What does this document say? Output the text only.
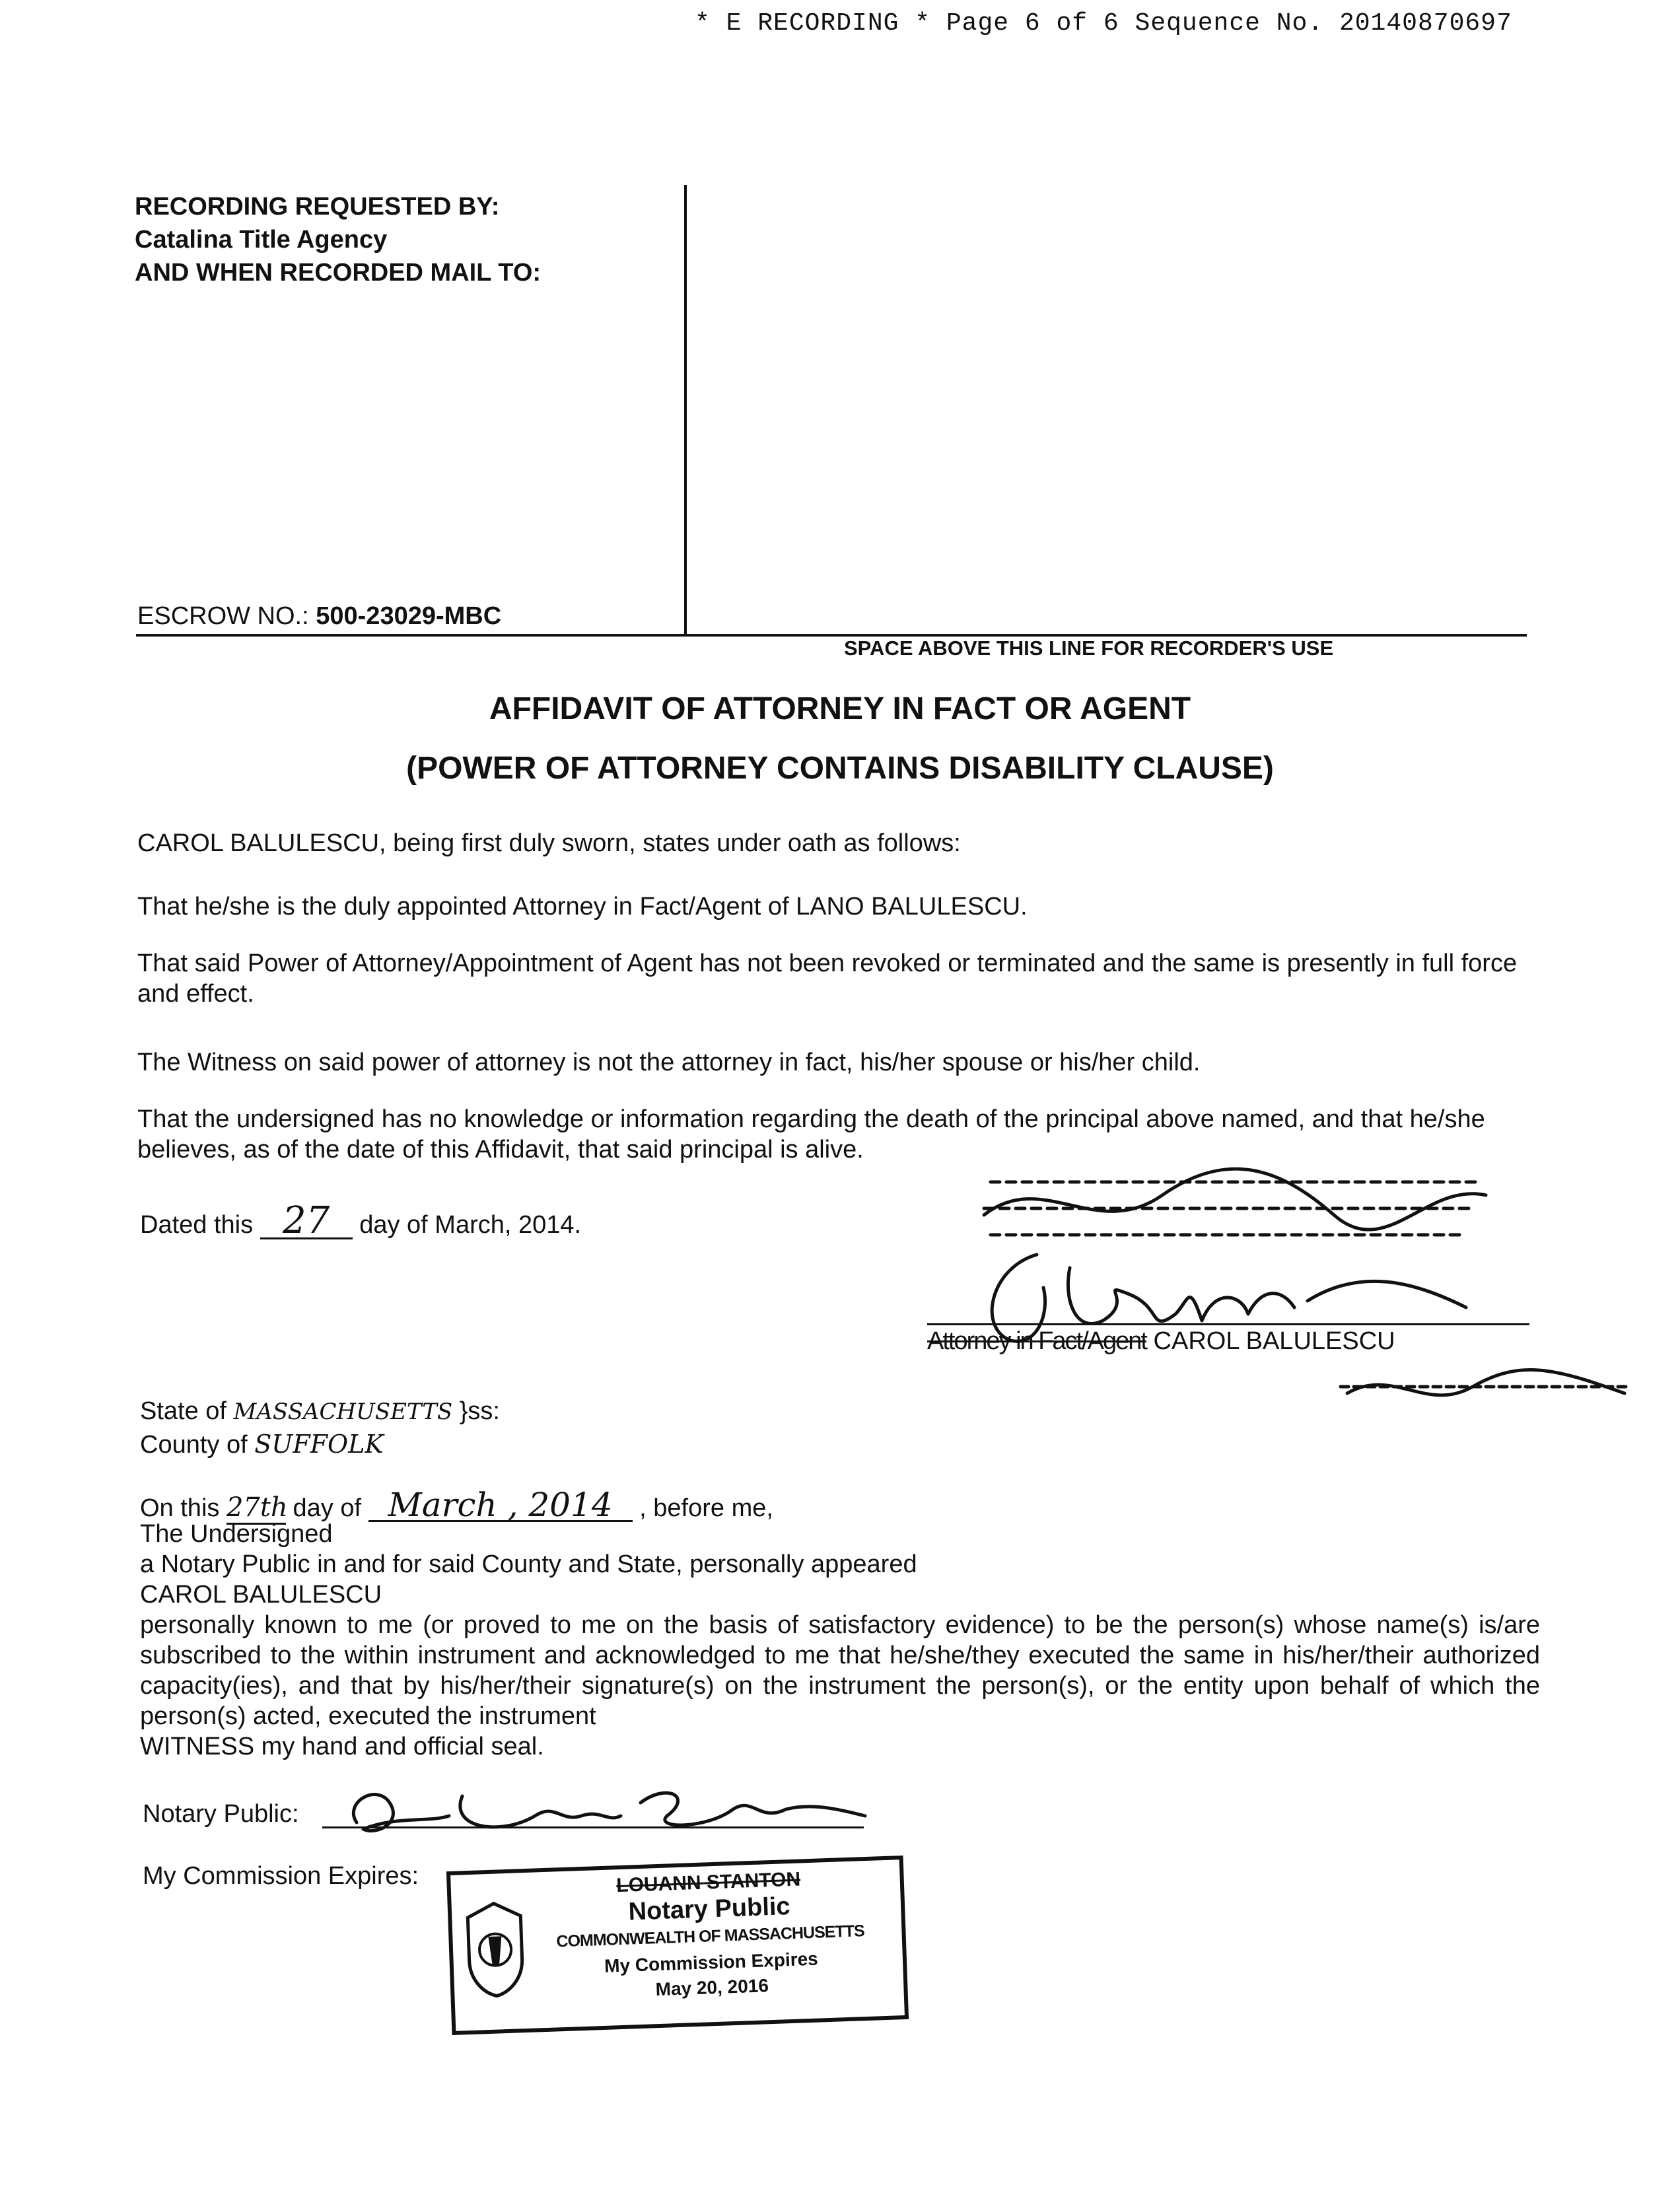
* E RECORDING * Page 6 of 6 Sequence No. 20140870697
RECORDING REQUESTED BY:
Catalina Title Agency
AND WHEN RECORDED MAIL TO:
ESCROW NO.: 500-23029-MBC
SPACE ABOVE THIS LINE FOR RECORDER'S USE
AFFIDAVIT OF ATTORNEY IN FACT OR AGENT
(POWER OF ATTORNEY CONTAINS DISABILITY CLAUSE)
CAROL BALULESCU, being first duly sworn, states under oath as follows:
That he/she is the duly appointed Attorney in Fact/Agent of LANO BALULESCU.
That said Power of Attorney/Appointment of Agent has not been revoked or terminated and the same is presently in full force and effect.
The Witness on said power of attorney is not the attorney in fact, his/her spouse or his/her child.
That the undersigned has no knowledge or information regarding the death of the principal above named, and that he/she believes, as of the date of this Affidavit, that said principal is alive.
Dated this 27 day of March, 2014.
Attorney in Fact/Agent CAROL BALULESCU
State of MASSACHUSETTS }ss:
County of SUFFOLK
On this 27th day of March , 2014 , before me,
The Undersigned
a Notary Public in and for said County and State, personally appeared
CAROL BALULESCU
personally known to me (or proved to me on the basis of satisfactory evidence) to be the person(s) whose name(s) is/are subscribed to the within instrument and acknowledged to me that he/she/they executed the same in his/her/their authorized capacity(ies), and that by his/her/their signature(s) on the instrument the person(s), or the entity upon behalf of which the person(s) acted, executed the instrument
WITNESS my hand and official seal.
Notary Public:
My Commission Expires:	LOUANN STANTON
Notary Public
COMMONWEALTH OF MASSACHUSETTS
My Commission Expires
May 20, 2016
